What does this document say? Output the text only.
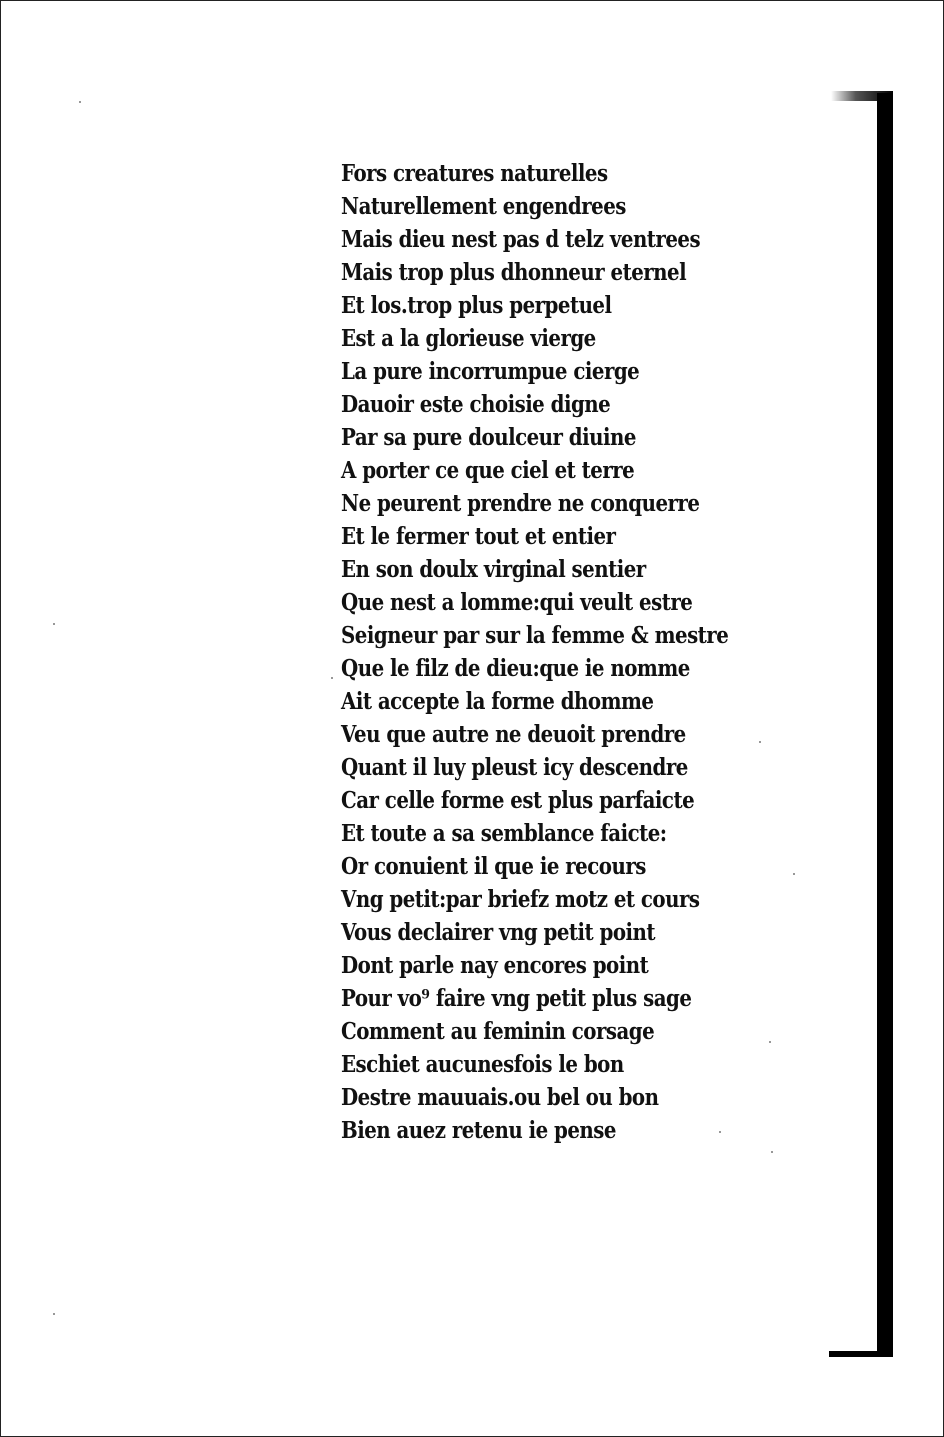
Fors creatures naturelles
Naturellement engendrees
Mais dieu nest pas d telz ventrees
Mais trop plus dhonneur eternel
Et los.trop plus perpetuel
Est a la glorieuse vierge
La pure incorrumpue cierge
Dauoir este choisie digne
Par sa pure doulceur diuine
A porter ce que ciel et terre
Ne peurent prendre ne conquerre
Et le fermer tout et entier
En son doulx virginal sentier
Que nest a lomme:qui veult estre
Seigneur par sur la femme & mestre
Que le filz de dieu:que ie nomme
Ait accepte la forme dhomme
Veu que autre ne deuoit prendre
Quant il luy pleust icy descendre
Car celle forme est plus parfaicte
Et toute a sa semblance faicte:
Or conuient il que ie recours
Vng petit:par briefz motz et cours
Vous declairer vng petit point
Dont parle nay encores point
Pour vo⁹ faire vng petit plus sage
Comment au feminin corsage
Eschiet aucunesfois le bon
Destre mauuais.ou bel ou bon
Bien auez retenu ie pense
